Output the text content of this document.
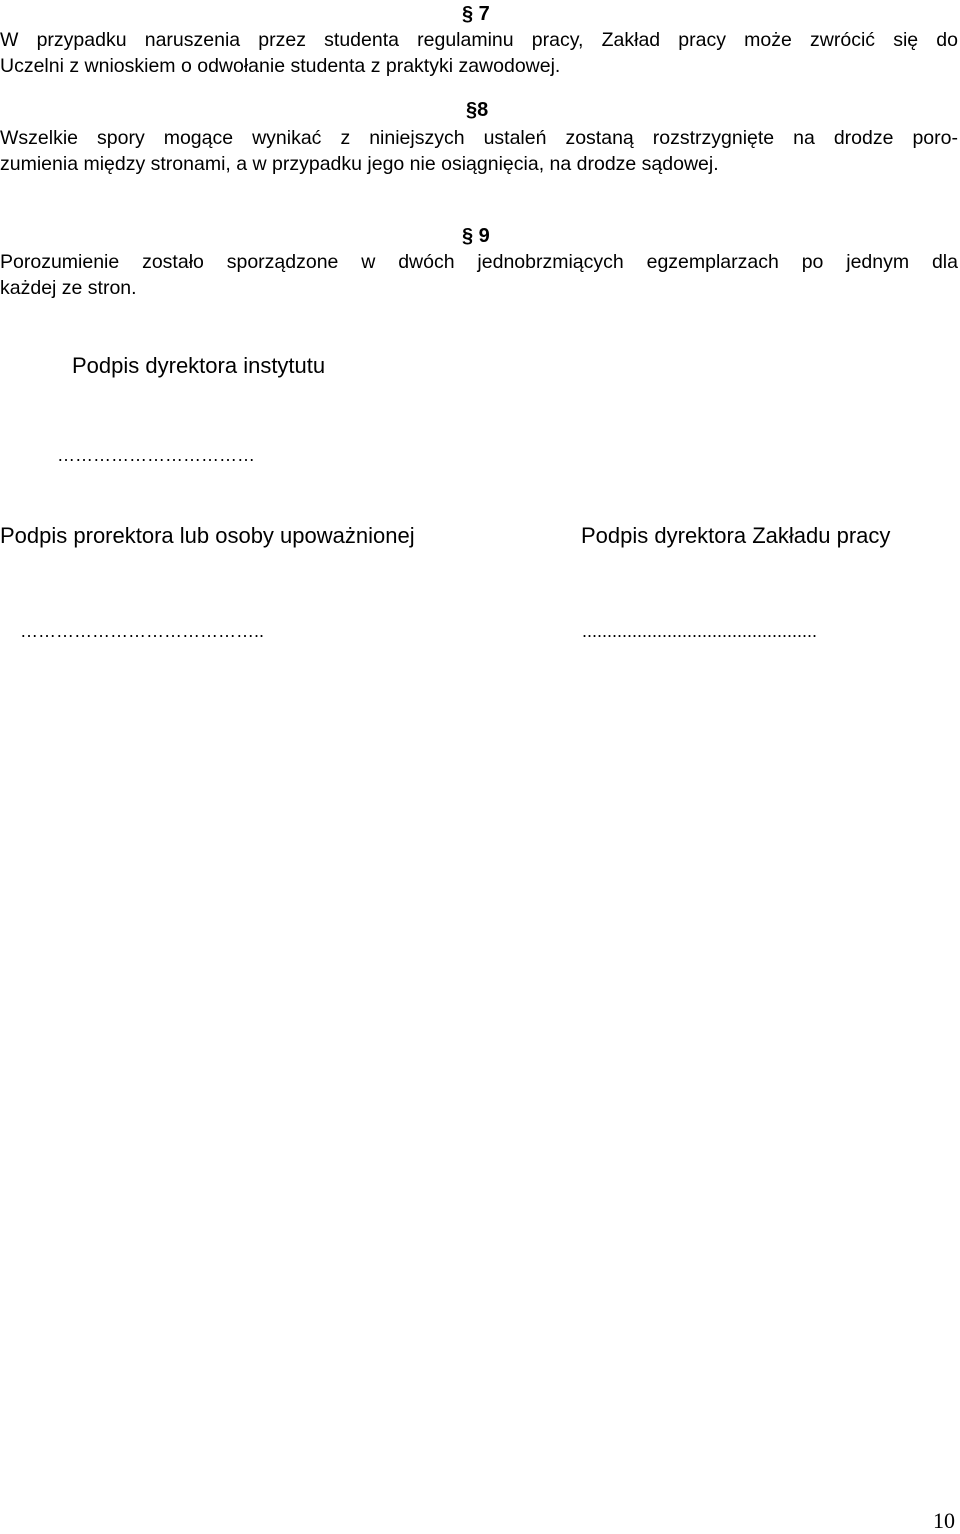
§ 7
W przypadku naruszenia przez studenta regulaminu pracy, Zakład pracy może zwrócić się do
Uczelni z wnioskiem o odwołanie studenta z praktyki zawodowej.
§8
Wszelkie spory mogące wynikać z niniejszych ustaleń zostaną rozstrzygnięte na drodze poro-
zumienia między stronami, a w przypadku jego nie osiągnięcia, na drodze sądowej.
§ 9
Porozumienie zostało sporządzone w dwóch jednobrzmiących egzemplarzach po jednym dla
każdej ze stron.
Podpis dyrektora instytutu
……………………………
Podpis prorektora lub osoby upoważnionej	Podpis dyrektora Zakładu pracy
…………………………………..	...............................................
10
